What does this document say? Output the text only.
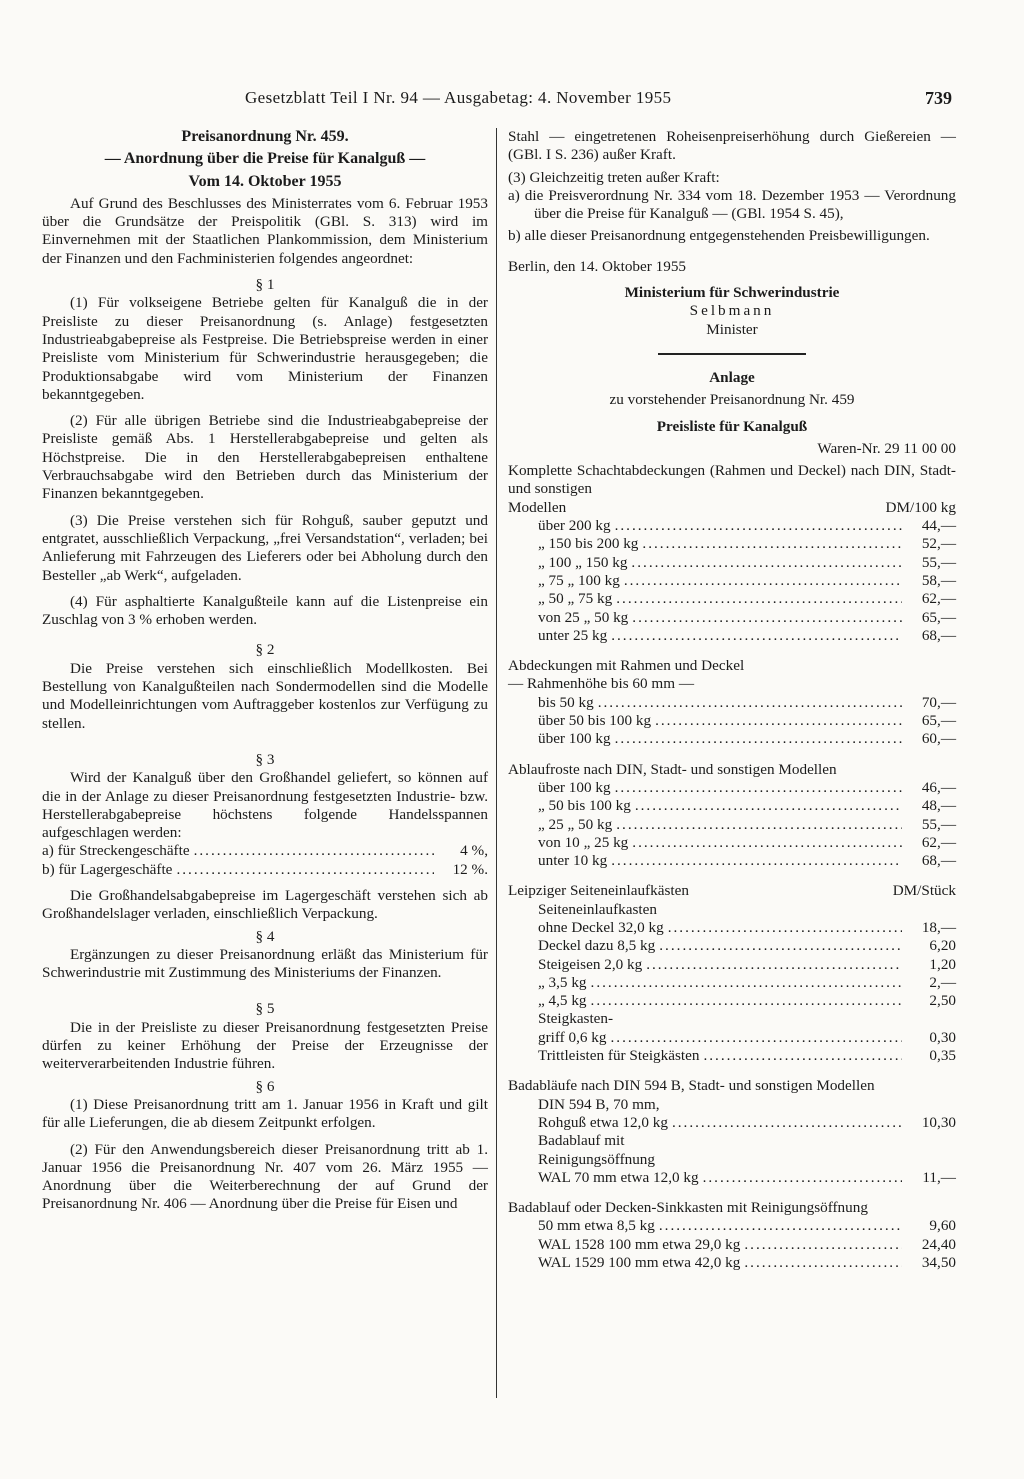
Gesetzblatt Teil I Nr. 94 — Ausgabetag: 4. November 1955	739

Preisanordnung Nr. 459.

— Anordnung über die Preise für Kanalguß —

Vom 14. Oktober 1955

Auf Grund des Beschlusses des Ministerrates vom 6. Februar 1953 über die Grundsätze der Preispolitik (GBl. S. 313) wird im Einvernehmen mit der Staatlichen Plankommission, dem Ministerium der Finanzen und den Fachministerien folgendes angeordnet:

§ 1

(1) Für volkseigene Betriebe gelten für Kanalguß die in der Preisliste zu dieser Preisanordnung (s. Anlage) festgesetzten Industrieabgabepreise als Festpreise. Die Betriebspreise werden in einer Preisliste vom Ministerium für Schwerindustrie herausgegeben; die Produktionsabgabe wird vom Ministerium der Finanzen bekanntgegeben.

(2) Für alle übrigen Betriebe sind die Industrieabgabepreise der Preisliste gemäß Abs. 1 Herstellerabgabepreise und gelten als Höchstpreise. Die in den Herstellerabgabepreisen enthaltene Verbrauchsabgabe wird den Betrieben durch das Ministerium der Finanzen bekanntgegeben.

(3) Die Preise verstehen sich für Rohguß, sauber geputzt und entgratet, ausschließlich Verpackung, „frei Versandstation“, verladen; bei Anlieferung mit Fahrzeugen des Lieferers oder bei Abholung durch den Besteller „ab Werk“, aufgeladen.

(4) Für asphaltierte Kanalgußteile kann auf die Listenpreise ein Zuschlag von 3 % erhoben werden.

§ 2

Die Preise verstehen sich einschließlich Modellkosten. Bei Bestellung von Kanalgußteilen nach Sondermodellen sind die Modelle und Modelleinrichtungen vom Auftraggeber kostenlos zur Verfügung zu stellen.

§ 3

Wird der Kanalguß über den Großhandel geliefert, so können auf die in der Anlage zu dieser Preisanordnung festgesetzten Industrie- bzw. Herstellerabgabepreise höchstens folgende Handelsspannen aufgeschlagen werden:

a) für Streckengeschäfte .....	4 %,
b) für Lagergeschäfte .....	12 %.

Die Großhandelsabgabepreise im Lagergeschäft verstehen sich ab Großhandelslager verladen, einschließlich Verpackung.

§ 4

Ergänzungen zu dieser Preisanordnung erläßt das Ministerium für Schwerindustrie mit Zustimmung des Ministeriums der Finanzen.

§ 5

Die in der Preisliste zu dieser Preisanordnung festgesetzten Preise dürfen zu keiner Erhöhung der Preise der Erzeugnisse der weiterverarbeitenden Industrie führen.

§ 6

(1) Diese Preisanordnung tritt am 1. Januar 1956 in Kraft und gilt für alle Lieferungen, die ab diesem Zeitpunkt erfolgen.

(2) Für den Anwendungsbereich dieser Preisanordnung tritt ab 1. Januar 1956 die Preisanordnung Nr. 407 vom 26. März 1955 — Anordnung über die Weiterberechnung der auf Grund der Preisanordnung Nr. 406 — Anordnung über die Preise für Eisen und

Stahl — eingetretenen Roheisenpreiserhöhung durch Gießereien — (GBl. I S. 236) außer Kraft.

(3) Gleichzeitig treten außer Kraft:

a) die Preisverordnung Nr. 334 vom 18. Dezember 1953 — Verordnung über die Preise für Kanalguß — (GBl. 1954 S. 45),

b) alle dieser Preisanordnung entgegenstehenden Preisbewilligungen.

Berlin, den 14. Oktober 1955

Ministerium für Schwerindustrie

Selbmann

Minister

Anlage

zu vorstehender Preisanordnung Nr. 459

Preisliste für Kanalguß

Waren-Nr. 29 11 00 00

Komplette Schachtabdeckungen (Rahmen und Deckel) nach DIN, Stadt- und sonstigen

Modellen	DM/100 kg
über 200 kg .....	44,—
„ 150 bis 200 kg .....	52,—
„ 100 „ 150 kg .....	55,—
„ 75 „ 100 kg .....	58,—
„ 50 „ 75 kg .....	62,—
von 25 „ 50 kg .....	65,—
unter 25 kg .....	68,—

Abdeckungen mit Rahmen und Deckel

— Rahmenhöhe bis 60 mm —

bis 50 kg .....	70,—
über 50 bis 100 kg .....	65,—
über 100 kg .....	60,—

Ablaufroste nach DIN, Stadt- und sonstigen Modellen

über 100 kg .....	46,—
„ 50 bis 100 kg .....	48,—
„ 25 „ 50 kg .....	55,—
von 10 „ 25 kg .....	62,—
unter 10 kg .....	68,—
Leipziger Seiteneinlaufkästen	DM/Stück

Seiteneinlaufkasten

ohne Deckel 32,0 kg .....	18,—
Deckel dazu 8,5 kg .....	6,20
Steigeisen 2,0 kg .....	1,20
„ 3,5 kg .....	2,—
„ 4,5 kg .....	2,50

Steigkasten-

griff 0,6 kg .....	0,30
Trittleisten für Steigkästen .....	0,35

Badabläufe nach DIN 594 B, Stadt- und sonstigen Modellen

DIN 594 B, 70 mm,

Rohguß etwa 12,0 kg .....	10,30

Badablauf mit

Reinigungsöffnung

WAL 70 mm etwa 12,0 kg .....	11,—

Badablauf oder Decken-Sinkkasten mit Reinigungsöffnung

50 mm etwa 8,5 kg .....	9,60
WAL 1528 100 mm etwa 29,0 kg .....	24,40
WAL 1529 100 mm etwa 42,0 kg .....	34,50
